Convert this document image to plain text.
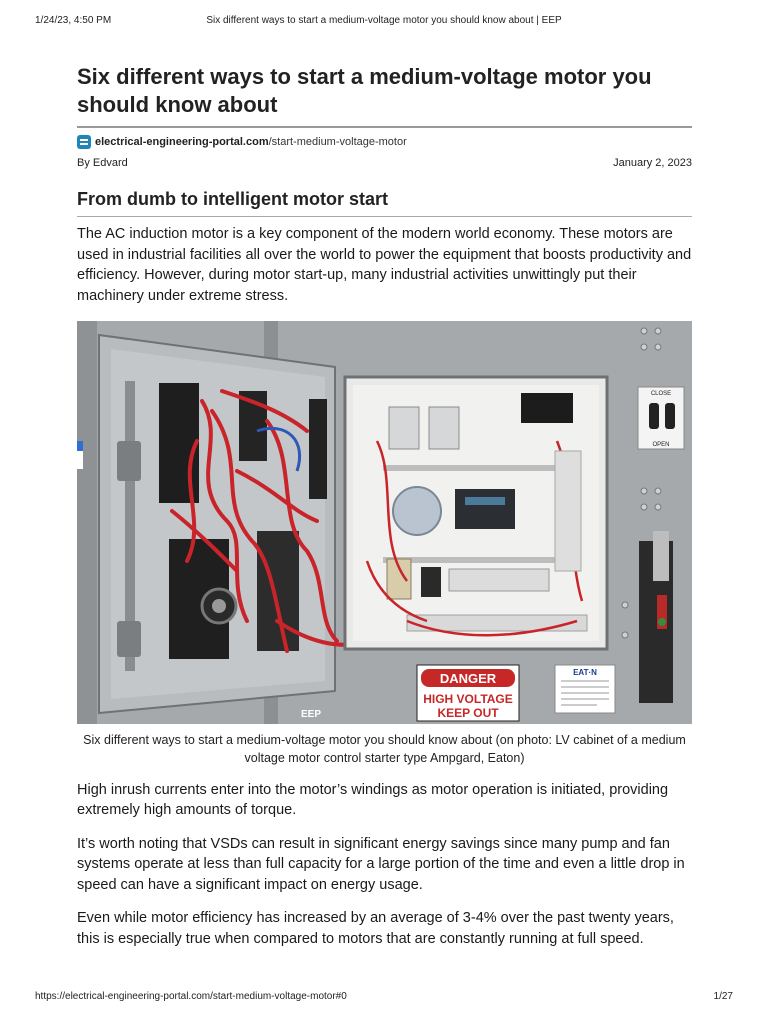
1/24/23, 4:50 PM	Six different ways to start a medium-voltage motor you should know about | EEP
Six different ways to start a medium-voltage motor you should know about
electrical-engineering-portal.com/start-medium-voltage-motor
By Edvard	January 2, 2023
From dumb to intelligent motor start

The AC induction motor is a key component of the modern world economy. These motors are used in industrial facilities all over the world to power the equipment that boosts productivity and efficiency. However, during motor start-up, many industrial activities unwittingly put their machinery under extreme stress.

CLOSE
OPEN
DANGER
HIGH VOLTAGE
KEEP OUT
EAT·N
EEP
Six different ways to start a medium-voltage motor you should know about (on photo: LV cabinet of a medium voltage motor control starter type Ampgard, Eaton)

High inrush currents enter into the motor’s windings as motor operation is initiated, providing extremely high amounts of torque.

It’s worth noting that VSDs can result in significant energy savings since many pump and fan systems operate at less than full capacity for a large portion of the time and even a little drop in speed can have a significant impact on energy usage.

Even while motor efficiency has increased by an average of 3-4% over the past twenty years, this is especially true when compared to motors that are constantly running at full speed.

https://electrical-engineering-portal.com/start-medium-voltage-motor#0	1/27
